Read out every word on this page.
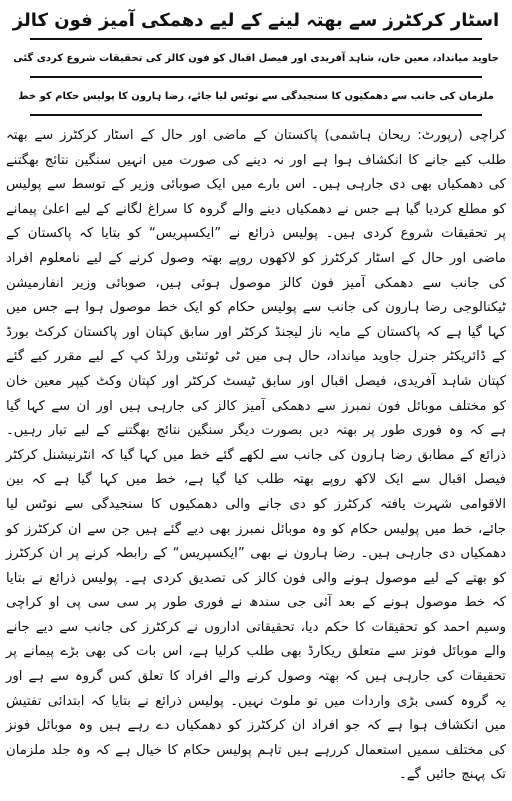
اسٹار کرکٹرز سے بھتہ لینے کے لیے دھمکی آمیز فون کالز
جاوید میانداد، معین خان، شاہد آفریدی اور فیصل اقبال کو فون کالز کی تحقیقات شروع کردی گئی
ملزمان کی جانب سے دھمکیوں کا سنجیدگی سے نوٹس لیا جائے، رضا ہارون کا پولیس حکام کو خط

کراچی (رپورٹ: ریحان ہاشمی) پاکستان کے ماضی اور حال کے اسٹار کرکٹرز سے بھتہ طلب کیے جانے کا انکشاف ہوا ہے اور نہ دینے کی صورت میں انہیں سنگین نتائج بھگتنے کی دھمکیاں بھی دی جارہی ہیں۔ اس بارے میں ایک صوبائی وزیر کے توسط سے پولیس کو مطلع کردیا گیا ہے جس نے دھمکیاں دینے والے گروہ کا سراغ لگانے کے لیے اعلیٰ پیمانے پر تحقیقات شروع کردی ہیں۔ پولیس ذرائع نے ”ایکسپریس“ کو بتایا کہ پاکستان کے ماضی اور حال کے اسٹار کرکٹرز کو لاکھوں روپے بھتہ وصول کرنے کے لیے نامعلوم افراد کی جانب سے دھمکی آمیز فون کالز موصول ہوئی ہیں، صوبائی وزیر انفارمیشن ٹیکنالوجی رضا ہارون کی جانب سے پولیس حکام کو ایک خط موصول ہوا ہے جس میں کہا گیا ہے کہ پاکستان کے مایہ ناز لیجنڈ کرکٹر اور سابق کپتان اور پاکستان کرکٹ بورڈ کے ڈائریکٹر جنرل جاوید میانداد، حال ہی میں ٹی ٹوئنٹی ورلڈ کپ کے لیے مقرر کیے گئے کپتان شاہد آفریدی، فیصل اقبال اور سابق ٹیسٹ کرکٹر اور کپتان وکٹ کیپر معین خان کو مختلف موبائل فون نمبرز سے دھمکی آمیز کالز کی جارہی ہیں اور ان سے کہا گیا ہے کہ وہ فوری طور پر بھتہ دیں بصورت دیگر سنگین نتائج بھگتنے کے لیے تیار رہیں۔ ذرائع کے مطابق رضا ہارون کی جانب سے لکھے گئے خط میں کہا گیا کہ انٹرنیشنل کرکٹر فیصل اقبال سے ایک لاکھ روپے بھتہ طلب کیا گیا ہے، خط میں کہا گیا ہے کہ بین الاقوامی شہرت یافتہ کرکٹرز کو دی جانے والی دھمکیوں کا سنجیدگی سے نوٹس لیا جائے، خط میں پولیس حکام کو وہ موبائل نمبرز بھی دیے گئے ہیں جن سے ان کرکٹرز کو دھمکیاں دی جارہی ہیں۔ رضا ہارون نے بھی ”ایکسپریس“ کے رابطہ کرنے پر ان کرکٹرز کو بھتے کے لیے موصول ہونے والی فون کالز کی تصدیق کردی ہے۔ پولیس ذرائع نے بتایا کہ خط موصول ہونے کے بعد آئی جی سندھ نے فوری طور پر سی سی پی او کراچی وسیم احمد کو تحقیقات کا حکم دیا، تحقیقاتی اداروں نے کرکٹرز کی جانب سے دیے جانے والے موبائل فونز سے متعلق ریکارڈ بھی طلب کرلیا ہے، اس بات کی بھی بڑے پیمانے پر تحقیقات کی جارہی ہیں کہ بھتہ وصول کرنے والے افراد کا تعلق کس گروہ سے ہے اور یہ گروہ کسی بڑی واردات میں تو ملوث نہیں۔ پولیس ذرائع نے بتایا کہ ابتدائی تفتیش میں انکشاف ہوا ہے کہ جو افراد ان کرکٹرز کو دھمکیاں دے رہے ہیں وہ موبائل فونز کی مختلف سمیں استعمال کررہے ہیں تاہم پولیس حکام کا خیال ہے کہ وہ جلد ملزمان تک پہنچ جائیں گے۔
